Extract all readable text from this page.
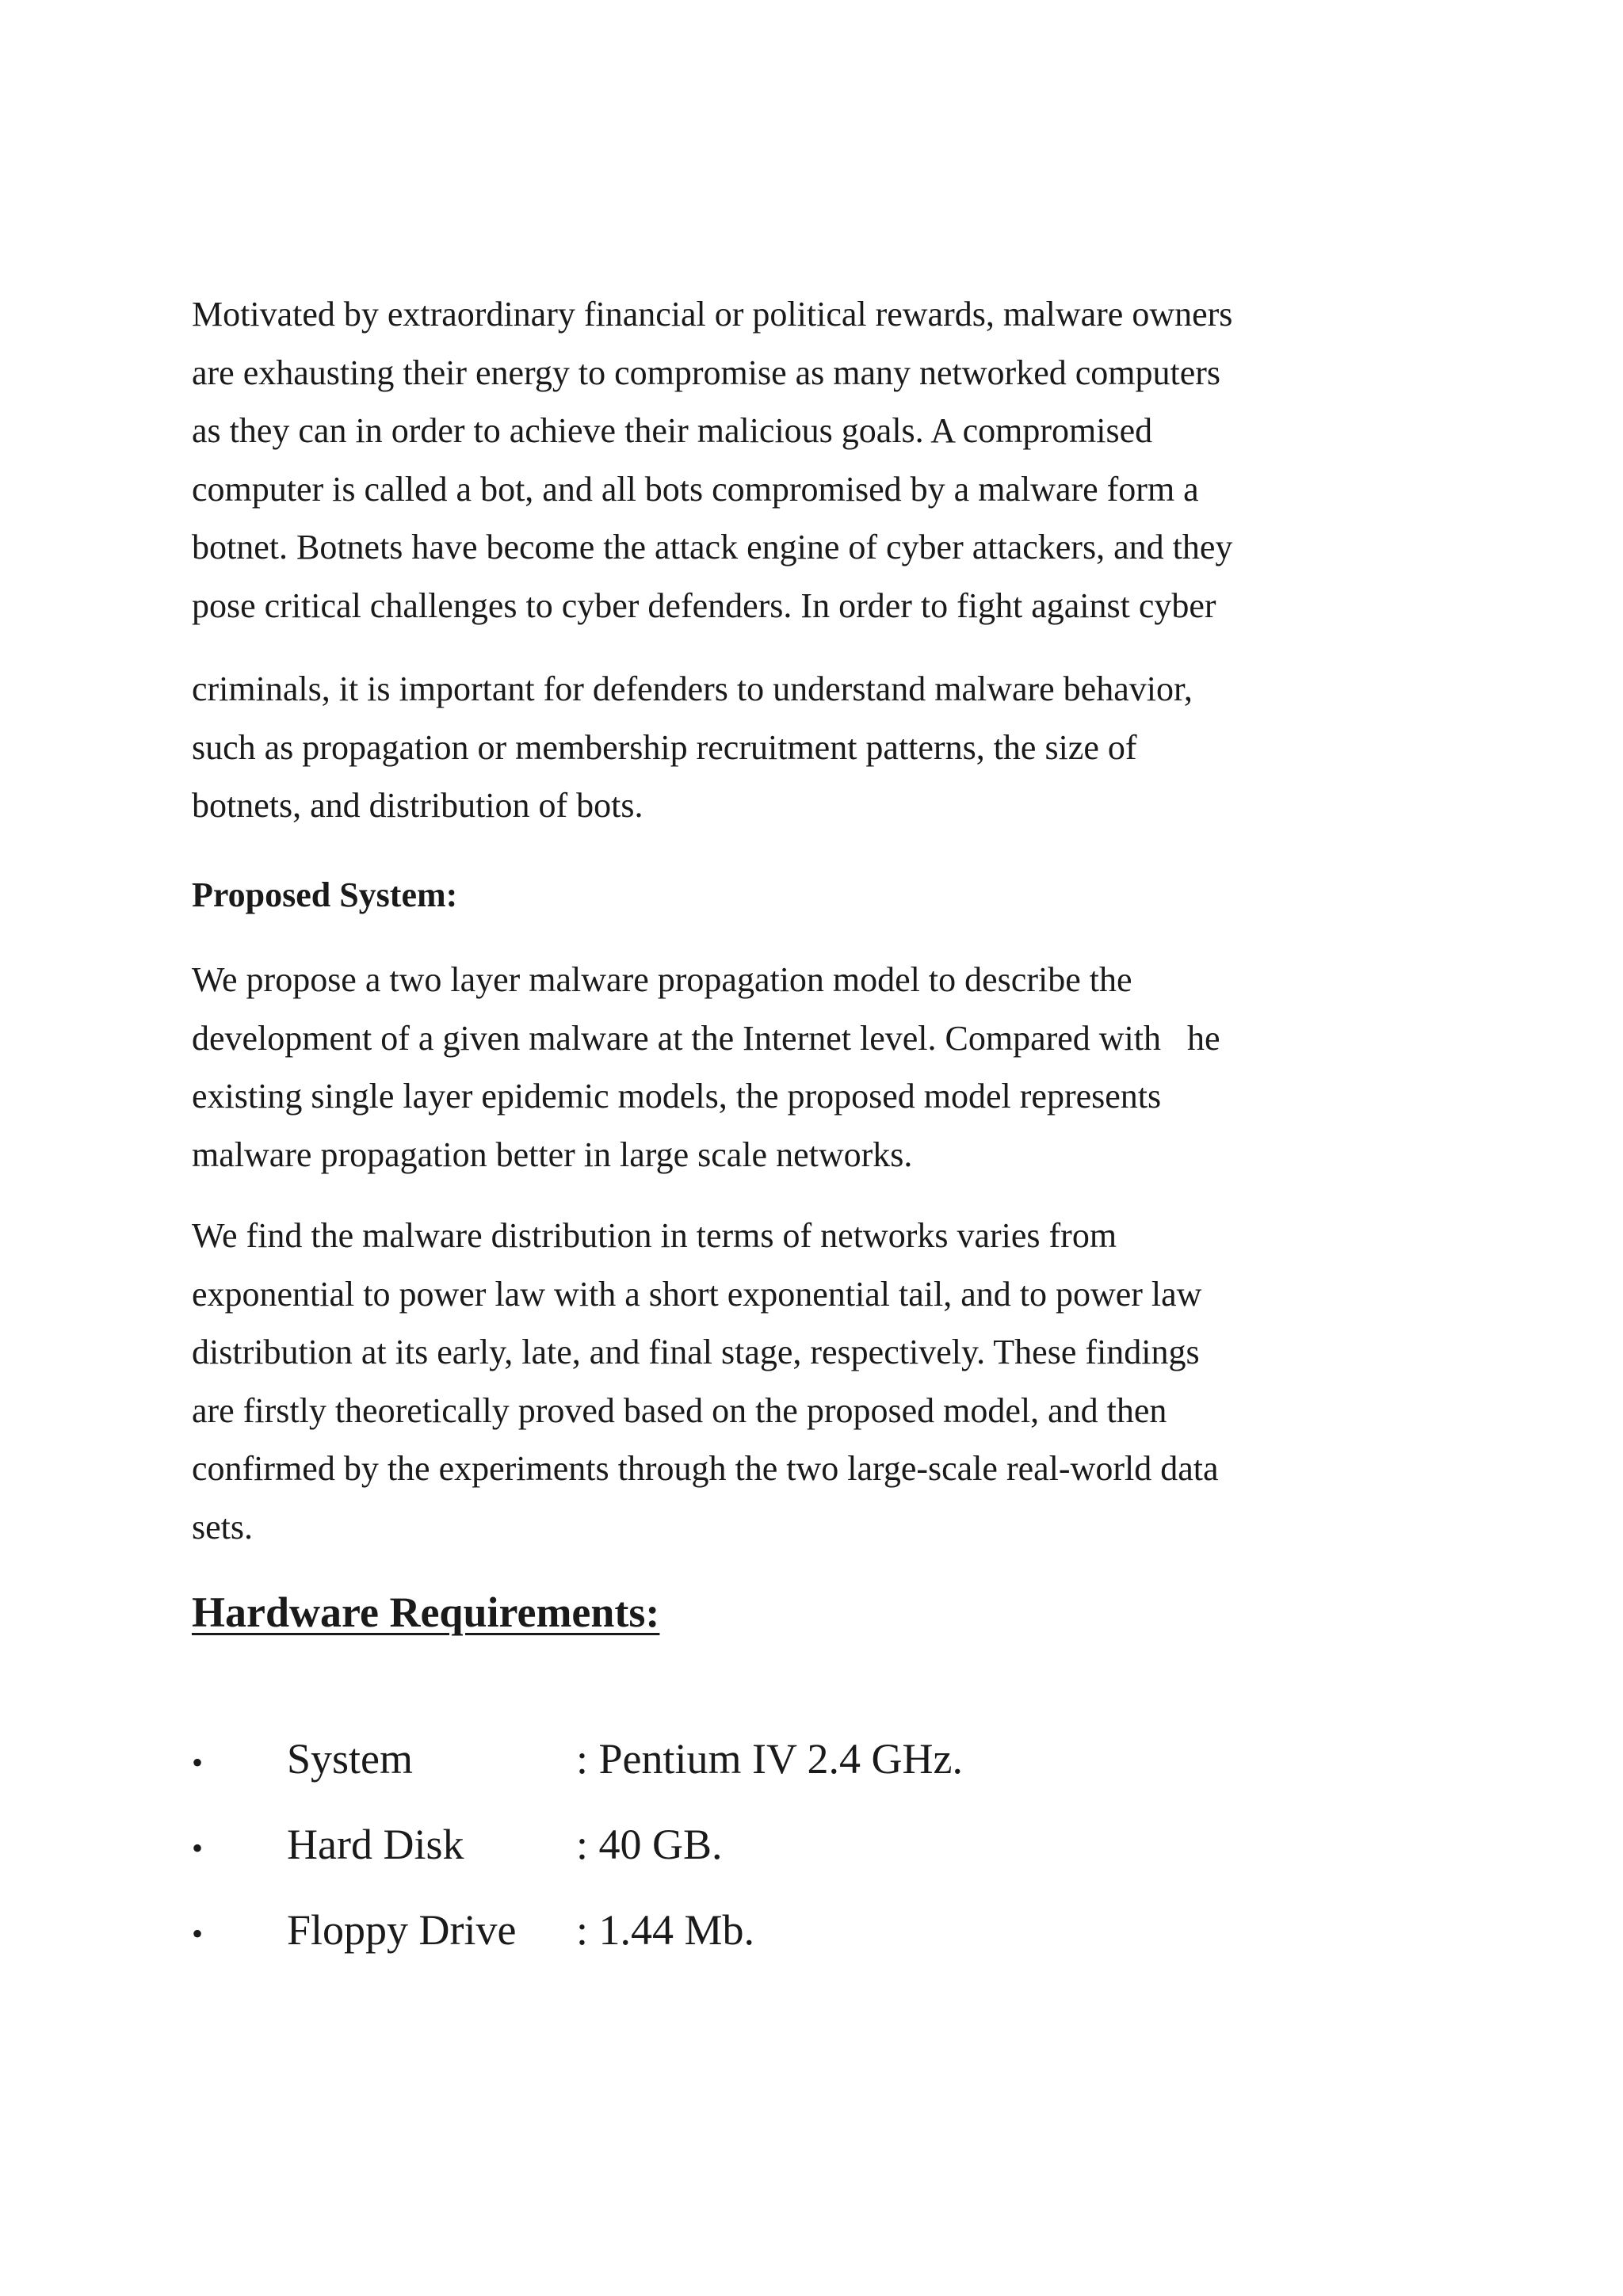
Motivated by extraordinary financial or political rewards, malware owners
are exhausting their energy to compromise as many networked computers
as they can in order to achieve their malicious goals. A compromised
computer is called a bot, and all bots compromised by a malware form a
botnet. Botnets have become the attack engine of cyber attackers, and they
pose critical challenges to cyber defenders. In order to fight against cyber

criminals, it is important for defenders to understand malware behavior,
such as propagation or membership recruitment patterns, the size of
botnets, and distribution of bots.

Proposed System:

We propose a two layer malware propagation model to describe the
development of a given malware at the Internet level. Compared with   he
existing single layer epidemic models, the proposed model represents
malware propagation better in large scale networks.

We find the malware distribution in terms of networks varies from
exponential to power law with a short exponential tail, and to power law
distribution at its early, late, and final stage, respectively. These findings
are firstly theoretically proved based on the proposed model, and then
confirmed by the experiments through the two large-scale real-world data
sets.

Hardware Requirements:
•	System	: Pentium IV 2.4 GHz.
•	Hard Disk	: 40 GB.
•	Floppy Drive	: 1.44 Mb.
